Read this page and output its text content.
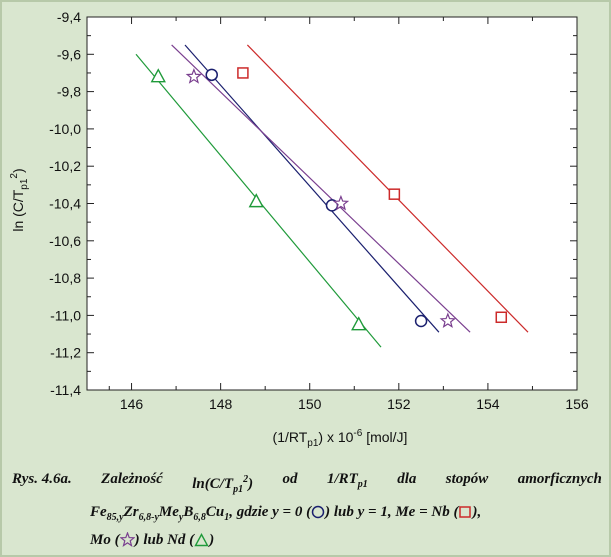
146	148	150	152	154	156
-9,4
-9,6
-9,8
-10,0
-10,2
-10,4
-10,6
-10,8
-11,0
-11,2
-11,4
$(1/RT_{p1})$ x $10^{-6}$ [mol/J]
$\ln (C/T_{p1}^2)$
Rys. 4.6a. Zależność $\ln(C/T_{p1}^2)$ od $1/RT_{p1}$ dla stopów amorficznych
$Fe_{85,y}Zr_{6,8-y}Me_yB_{6,8}Cu_1$, gdzie y = 0 ( ) lub y = 1, Me = Nb ( ),
Mo ( ) lub Nd ( )
